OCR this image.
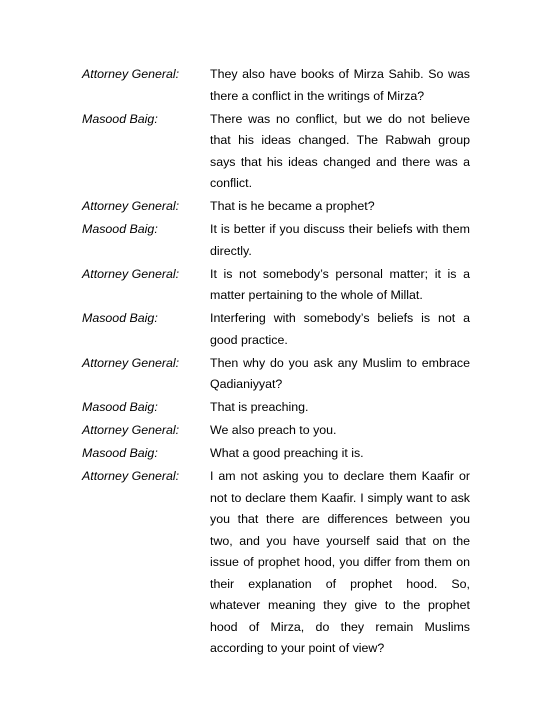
Attorney General:	They also have books of Mirza Sahib. So was there a conflict in the writings of Mirza?
Masood Baig:	There was no conflict, but we do not believe that his ideas changed. The Rabwah group says that his ideas changed and there was a conflict.
Attorney General:	That is he became a prophet?
Masood Baig:	It is better if you discuss their beliefs with them directly.
Attorney General:	It is not somebody’s personal matter; it is a matter pertaining to the whole of Millat.
Masood Baig:	Interfering with somebody’s beliefs is not a good practice.
Attorney General:	Then why do you ask any Muslim to embrace Qadianiyyat?
Masood Baig:	That is preaching.
Attorney General:	We also preach to you.
Masood Baig:	What a good preaching it is.
Attorney General:	I am not asking you to declare them Kaafir or not to declare them Kaafir. I simply want to ask you that there are differences between you two, and you have yourself said that on the issue of prophet hood, you differ from them on their explanation of prophet hood. So, whatever meaning they give to the prophet hood of Mirza, do they remain Muslims according to your point of view?
